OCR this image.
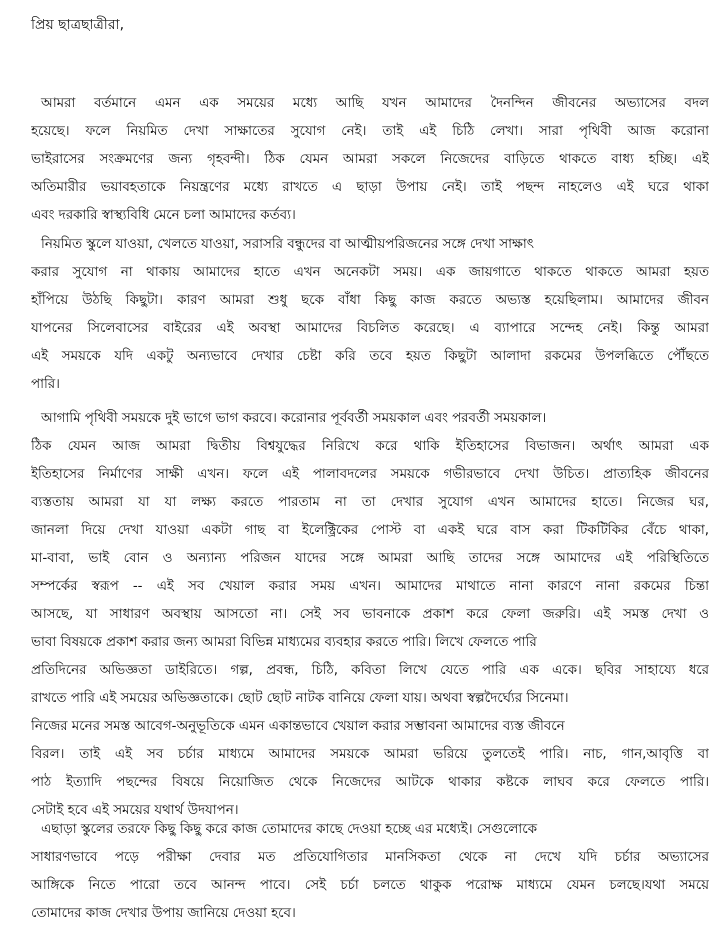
প্রিয় ছাত্রছাত্রীরা,
আমরা বর্তমানে এমন এক সময়ের মধ্যে আছি যখন আমাদের দৈনন্দিন জীবনের অভ্যাসের বদল
হয়েছে। ফলে নিয়মিত দেখা সাক্ষাতের সুযোগ নেই। তাই এই চিঠি লেখা। সারা পৃথিবী আজ করোনা
ভাইরাসের সংক্রমণের জন্য গৃহবন্দী। ঠিক যেমন আমরা সকলে নিজেদের বাড়িতে থাকতে বাধ্য হচ্ছি। এই
অতিমারীর ভয়াবহতাকে নিয়ন্ত্রণের মধ্যে রাখতে এ ছাড়া উপায় নেই। তাই পছন্দ নাহলেও এই ঘরে থাকা
এবং দরকারি স্বাস্থ্যবিধি মেনে চলা আমাদের কর্তব্য।
নিয়মিত স্কুলে যাওয়া, খেলতে যাওয়া, সরাসরি বন্ধুদের বা আত্মীয়পরিজনের সঙ্গে দেখা সাক্ষাৎ
করার সুযোগ না থাকায় আমাদের হাতে এখন অনেকটা সময়। এক জায়গাতে থাকতে থাকতে আমরা হয়ত
হাঁপিয়ে উঠছি কিছুটা। কারণ আমরা শুধু ছকে বাঁধা কিছু কাজ করতে অভ্যস্ত হয়েছিলাম। আমাদের জীবন
যাপনের সিলেবাসের বাইরের এই অবস্থা আমাদের বিচলিত করেছে। এ ব্যাপারে সন্দেহ নেই। কিন্তু আমরা
এই সময়কে যদি একটু অন্যভাবে দেখার চেষ্টা করি তবে হয়ত কিছুটা আলাদা রকমের উপলব্ধিতে পৌঁছতে
পারি।
আগামি পৃথিবী সময়কে দুই ভাগে ভাগ করবে। করোনার পূর্ববর্তী সময়কাল এবং পরবর্তী সময়কাল।
ঠিক যেমন আজ আমরা দ্বিতীয় বিশ্বযুদ্ধের নিরিখে করে থাকি ইতিহাসের বিভাজন। অর্থাৎ আমরা এক
ইতিহাসের নির্মাণের সাক্ষী এখন। ফলে এই পালাবদলের সময়কে গভীরভাবে দেখা উচিত। প্রাত্যহিক জীবনের
ব্যস্ততায় আমরা যা যা লক্ষ্য করতে পারতাম না তা দেখার সুযোগ এখন আমাদের হাতে। নিজের ঘর,
জানলা দিয়ে দেখা যাওয়া একটা গাছ বা ইলেক্ট্রিকের পোস্ট বা একই ঘরে বাস করা টিকটিকির বেঁচে থাকা,
মা-বাবা, ভাই বোন ও অন্যান্য পরিজন যাদের সঙ্গে আমরা আছি তাদের সঙ্গে আমাদের এই পরিস্থিতিতে
সম্পর্কের স্বরূপ -- এই সব খেয়াল করার সময় এখন। আমাদের মাথাতে নানা কারণে নানা রকমের চিন্তা
আসছে, যা সাধারণ অবস্থায় আসতো না। সেই সব ভাবনাকে প্রকাশ করে ফেলা জরুরি। এই সমস্ত দেখা ও
ভাবা বিষয়কে প্রকাশ করার জন্য আমরা বিভিন্ন মাধ্যমের ব্যবহার করতে পারি। লিখে ফেলতে পারি
প্রতিদিনের অভিজ্ঞতা ডাইরিতে। গল্প, প্রবন্ধ, চিঠি, কবিতা লিখে যেতে পারি এক একে। ছবির সাহায্যে ধরে
রাখতে পারি এই সময়ের অভিজ্ঞতাকে। ছোট ছোট নাটক বানিয়ে ফেলা যায়। অথবা স্বল্পদৈর্ঘ্যের সিনেমা।
নিজের মনের সমস্ত আবেগ-অনুভূতিকে এমন একান্তভাবে খেয়াল করার সম্ভাবনা আমাদের ব্যস্ত জীবনে
বিরল। তাই এই সব চর্চার মাধ্যমে আমাদের সময়কে আমরা ভরিয়ে তুলতেই পারি। নাচ, গান,আবৃত্তি বা
পাঠ ইত্যাদি পছন্দের বিষয়ে নিয়োজিত থেকে নিজেদের আটকে থাকার কষ্টকে লাঘব করে ফেলতে পারি।
সেটাই হবে এই সময়ের যথার্থ উদযাপন।
এছাড়া স্কুলের তরফে কিছু কিছু করে কাজ তোমাদের কাছে দেওয়া হচ্ছে এর মধ্যেই। সেগুলোকে
সাধারণভাবে পড়ে পরীক্ষা দেবার মত প্রতিযোগিতার মানসিকতা থেকে না দেখে যদি চর্চার অভ্যাসের
আঙ্গিকে নিতে পারো তবে আনন্দ পাবে। সেই চর্চা চলতে থাকুক পরোক্ষ মাধ্যমে যেমন চলছে।যথা সময়ে
তোমাদের কাজ দেখার উপায় জানিয়ে দেওয়া হবে।
